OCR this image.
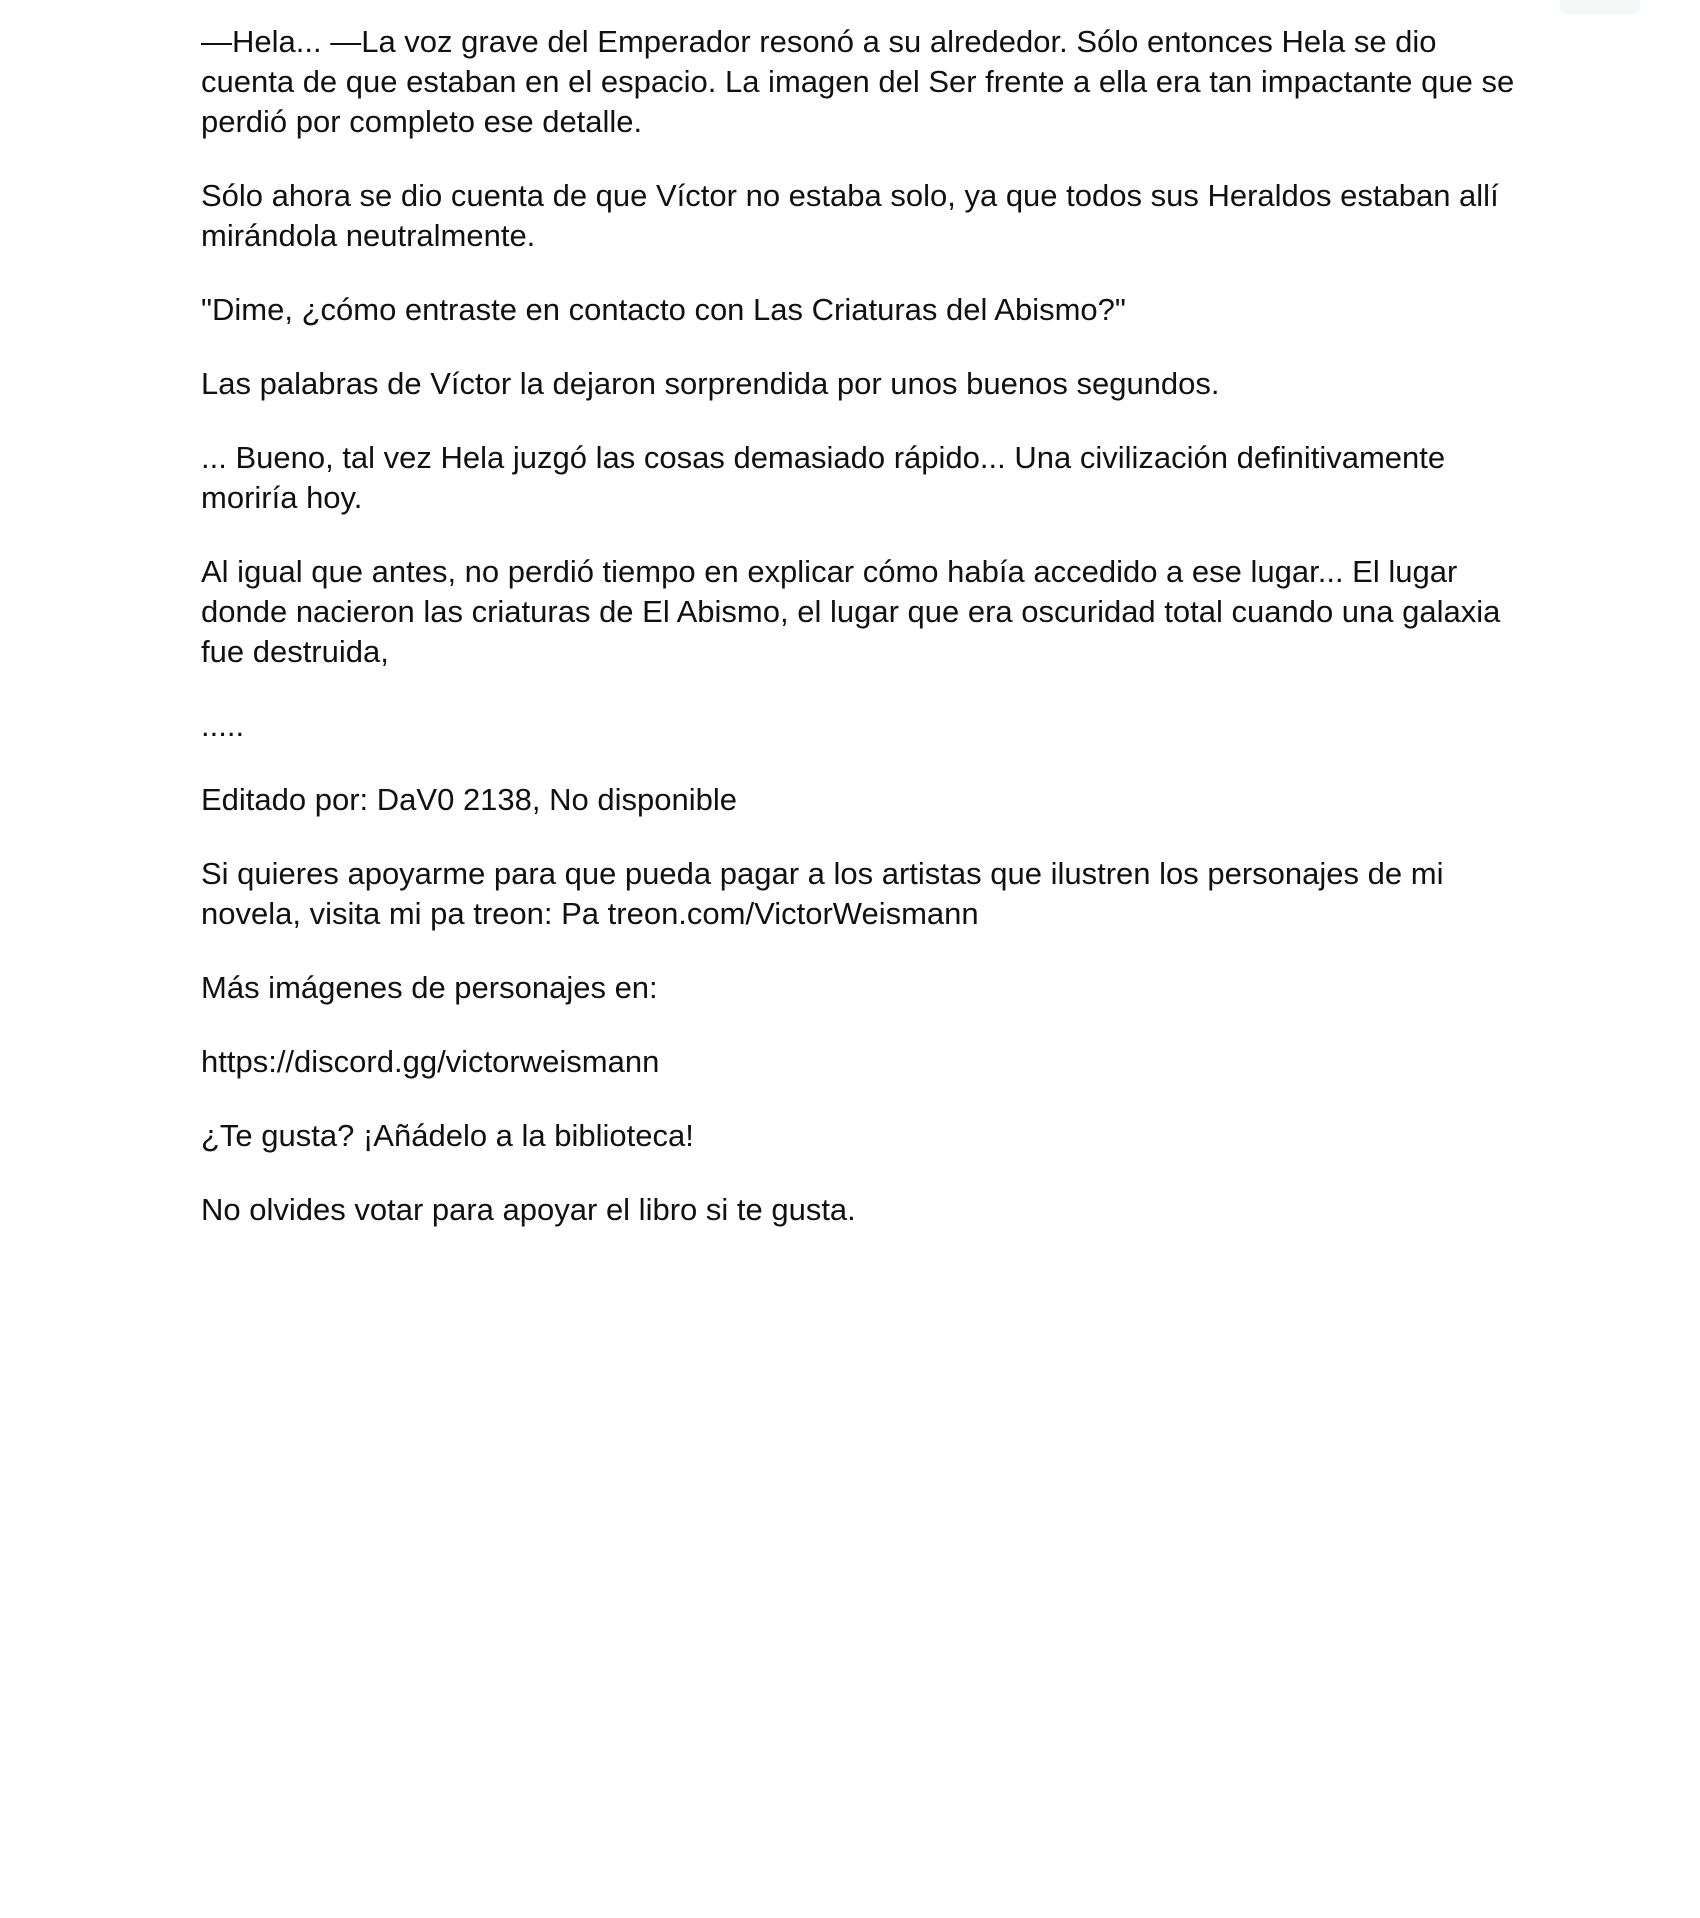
—Hela... —La voz grave del Emperador resonó a su alrededor. Sólo entonces Hela se dio cuenta de que estaban en el espacio. La imagen del Ser frente a ella era tan impactante que se perdió por completo ese detalle.

Sólo ahora se dio cuenta de que Víctor no estaba solo, ya que todos sus Heraldos estaban allí mirándola neutralmente.

"Dime, ¿cómo entraste en contacto con Las Criaturas del Abismo?"

Las palabras de Víctor la dejaron sorprendida por unos buenos segundos.

... Bueno, tal vez Hela juzgó las cosas demasiado rápido... Una civilización definitivamente moriría hoy.

Al igual que antes, no perdió tiempo en explicar cómo había accedido a ese lugar... El lugar donde nacieron las criaturas de El Abismo, el lugar que era oscuridad total cuando una galaxia fue destruida,

.....

Editado por: DaV0 2138, No disponible

Si quieres apoyarme para que pueda pagar a los artistas que ilustren los personajes de mi novela, visita mi pa treon: Pa treon.com/VictorWeismann

Más imágenes de personajes en:

https://discord.gg/victorweismann

¿Te gusta? ¡Añádelo a la biblioteca!

No olvides votar para apoyar el libro si te gusta.
